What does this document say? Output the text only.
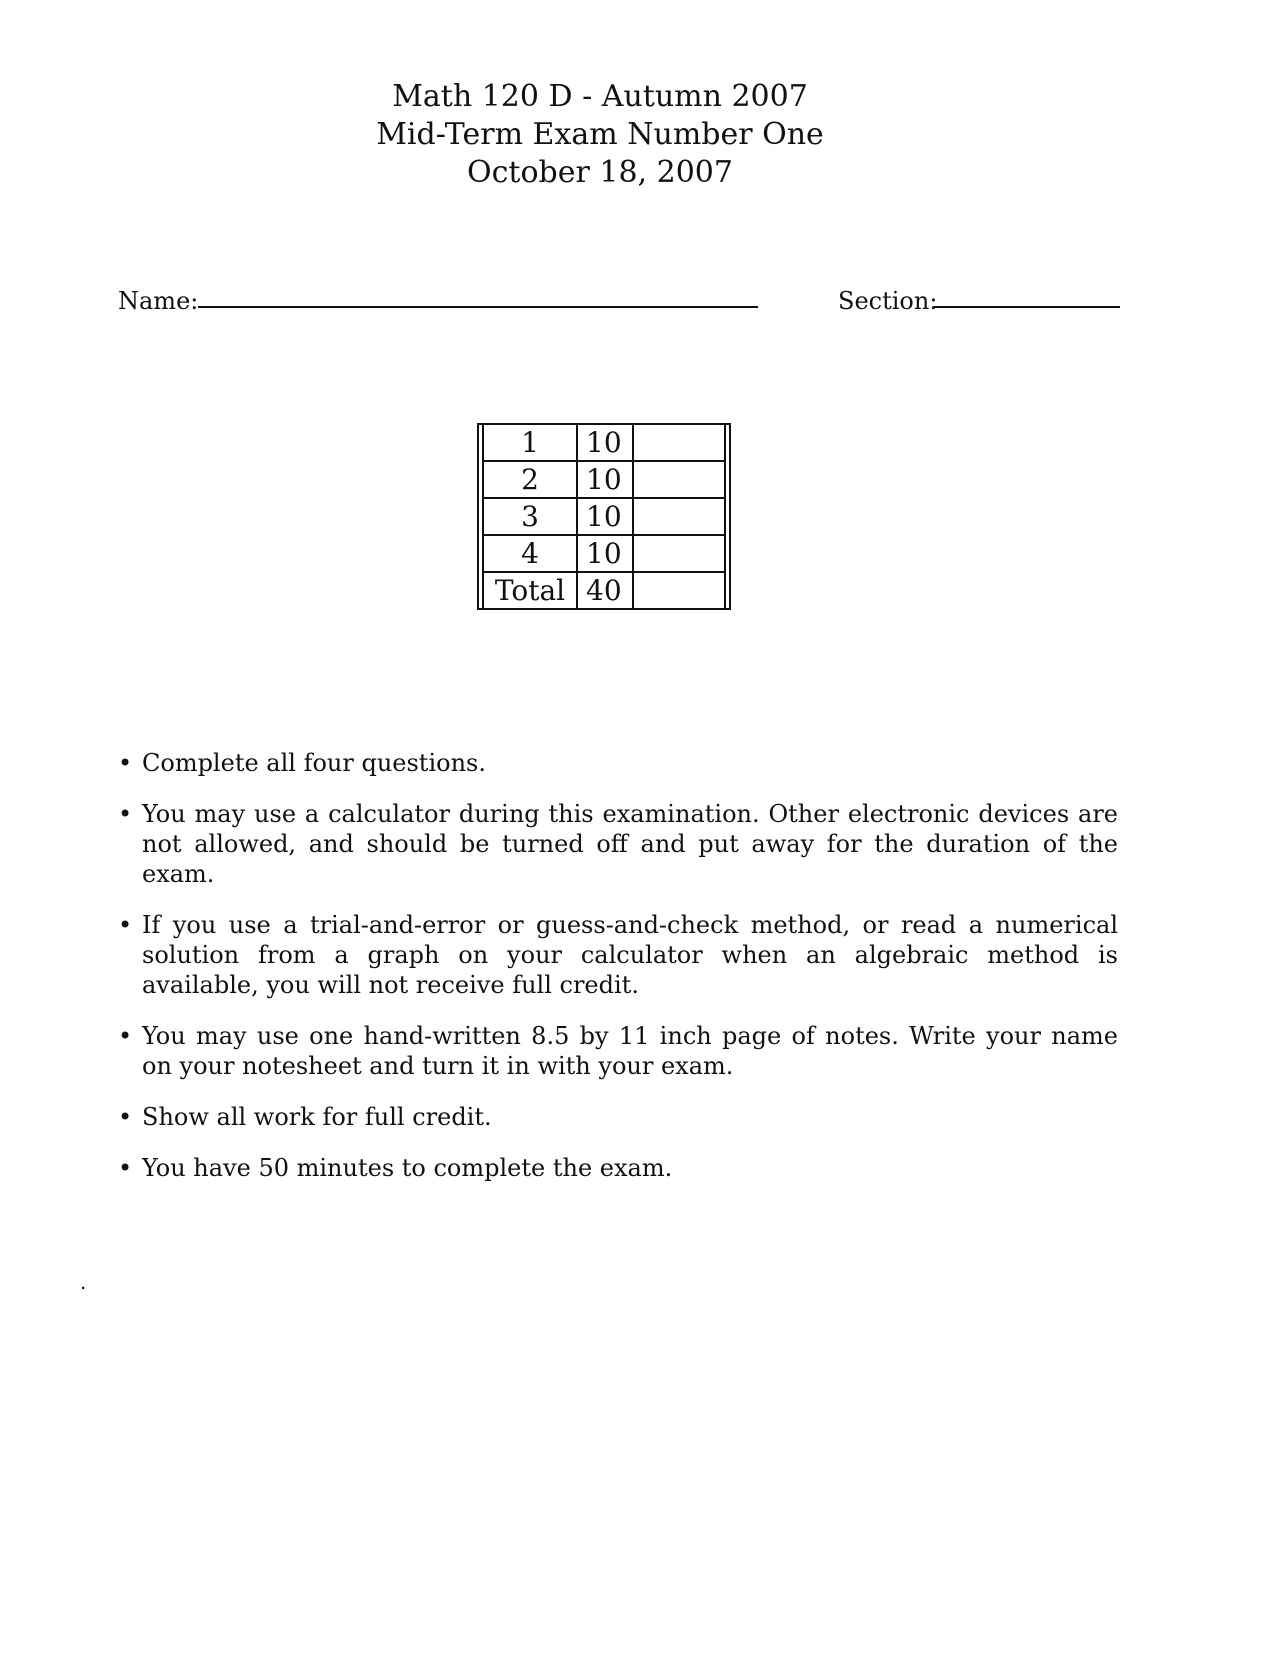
Math 120 D - Autumn 2007
Mid-Term Exam Number One
October 18, 2007
Name:	Section:
1	10	
2	10	
3	10	
4	10	
Total	40	
• Complete all four questions.
• You may use a calculator during this examination. Other electronic devices are not allowed, and should be turned off and put away for the duration of the exam.
• If you use a trial-and-error or guess-and-check method, or read a numerical solution from a graph on your calculator when an algebraic method is available, you will not receive full credit.
• You may use one hand-written 8.5 by 11 inch page of notes. Write your name on your notesheet and turn it in with your exam.
• Show all work for full credit.
• You have 50 minutes to complete the exam.
.
